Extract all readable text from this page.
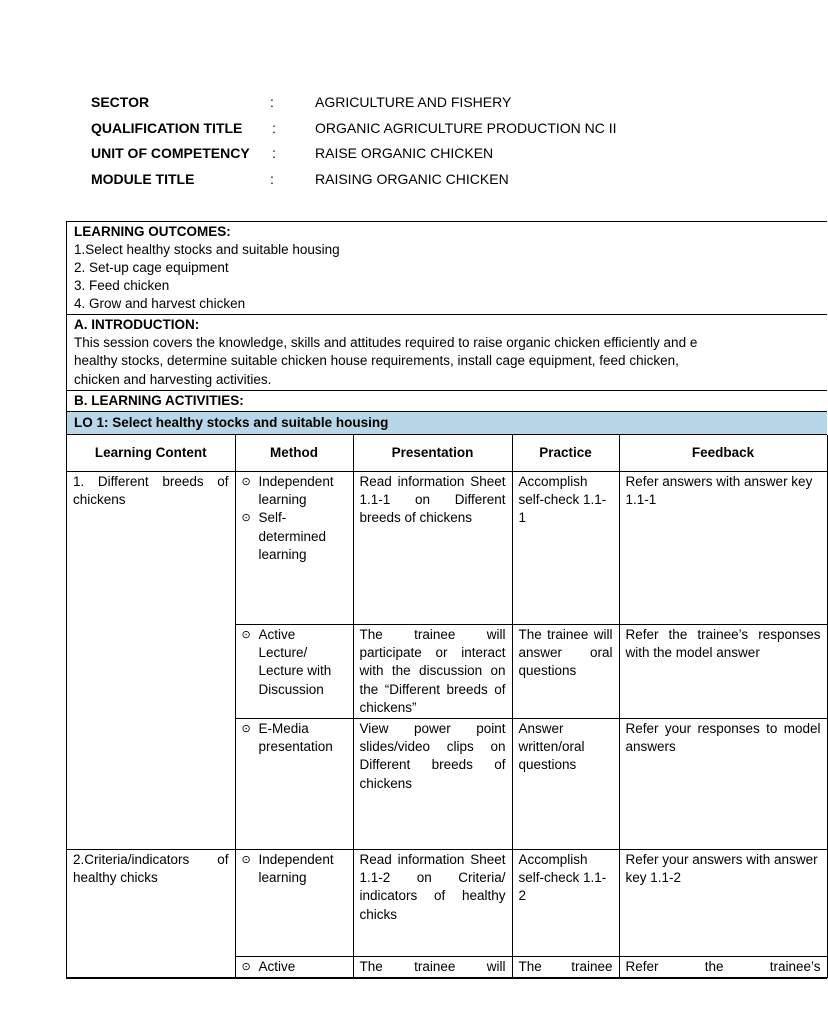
SECTOR	:	AGRICULTURE AND FISHERY
QUALIFICATION TITLE :	ORGANIC AGRICULTURE PRODUCTION NC II
UNIT OF COMPETENCY :	RAISE ORGANIC CHICKEN
MODULE TITLE	:	RAISING ORGANIC CHICKEN
LEARNING OUTCOMES:
1.Select healthy stocks and suitable housing
2. Set-up cage equipment
3. Feed chicken
4. Grow and harvest chicken
A. INTRODUCTION:
This session covers the knowledge, skills and attitudes required to raise organic chicken efficiently and e
healthy stocks, determine suitable chicken house requirements, install cage equipment, feed chicken,
chicken and harvesting activities.
B. LEARNING ACTIVITIES:
LO 1: Select healthy stocks and suitable housing
Learning Content	Method	Presentation	Practice	Feedback
1. Different breeds of chickens	⊙ Independent learning
⊙ Self-determined learning	Read information Sheet 1.1-1 on Different breeds of chickens	Accomplish self-check 1.1-1	Refer answers with answer key 1.1-1

	⊙ Active Lecture/ Lecture with Discussion	The trainee will participate or interact with the discussion on the “Different breeds of chickens”	The trainee will answer oral questions	Refer the trainee’s responses with the model answer

	⊙ E-Media presentation	View power point slides/video clips on Different breeds of chickens	Answer written/oral questions	Refer your responses to model answers
2.Criteria/indicators of healthy chicks	⊙ Independent learning	Read information Sheet 1.1-2 on Criteria/ indicators of healthy chicks	Accomplish self-check 1.1-2	Refer your answers with answer key 1.1-2

	⊙ Active	The trainee will	The trainee	Refer the trainee’s
